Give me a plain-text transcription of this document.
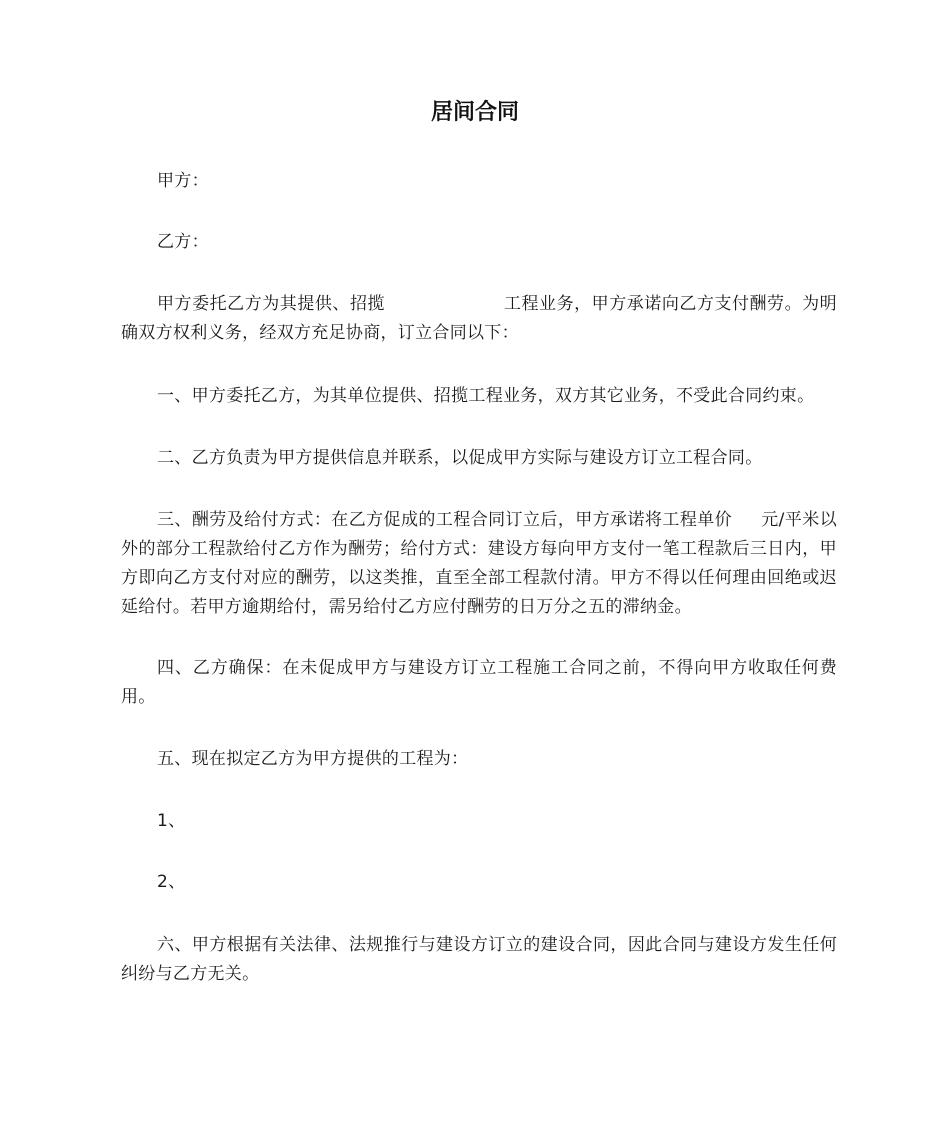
居间合同
甲方：
乙方：
甲方委托乙方为其提供、招揽                    工程业务，甲方承诺向乙方支付酬劳。为明确双方权利义务，经双方充足协商，订立合同以下：
一、甲方委托乙方，为其单位提供、招揽工程业务，双方其它业务，不受此合同约束。
二、乙方负责为甲方提供信息并联系，以促成甲方实际与建设方订立工程合同。
三、酬劳及给付方式：在乙方促成的工程合同订立后，甲方承诺将工程单价     元/平米以外的部分工程款给付乙方作为酬劳；给付方式：建设方每向甲方支付一笔工程款后三日内，甲方即向乙方支付对应的酬劳，以这类推，直至全部工程款付清。甲方不得以任何理由回绝或迟延给付。若甲方逾期给付，需另给付乙方应付酬劳的日万分之五的滞纳金。
四、乙方确保：在未促成甲方与建设方订立工程施工合同之前，不得向甲方收取任何费用。
五、现在拟定乙方为甲方提供的工程为：
1、
2、
六、甲方根据有关法律、法规推行与建设方订立的建设合同，因此合同与建设方发生任何纠纷与乙方无关。
